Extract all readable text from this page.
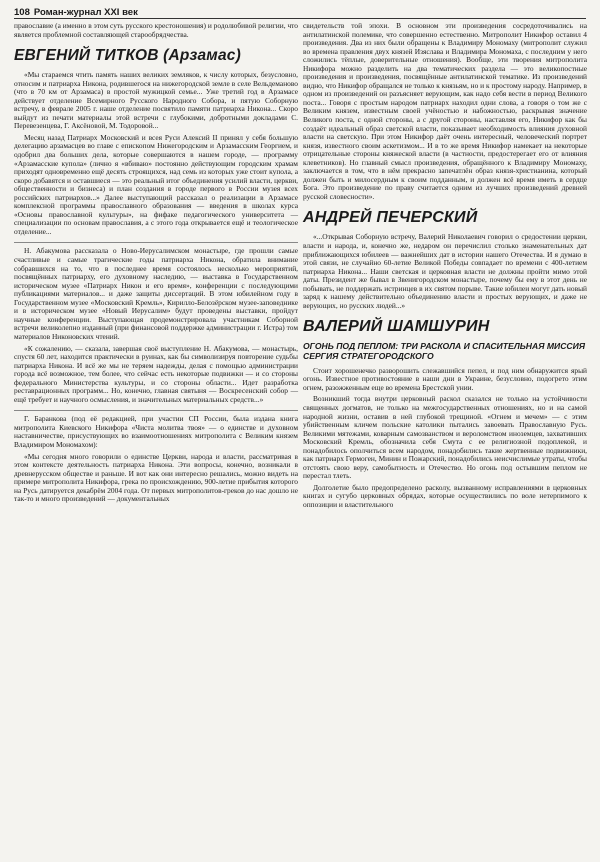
108 Роман-журнал XXI век

православие (а именно в этом суть русского крестоношения) и родолюбивой религии, что является проблемной составляющей старообрядчества.

ЕВГЕНИЙ ТИТКОВ (Арзамас)

«Мы стараемся чтить память наших великих земляков, к числу которых, безусловно, относим и патриарха Никона, родившегося на нижегородской земле в селе Вельдеманово (что в 70 км от Арзамаса) в простой мужицкой семье... Уже третий год в Арзамасе действует отделение Всемирного Русского Народного Собора, и пятую Соборную встречу, в феврале 2005 г. наше отделение посвятило памяти патриарха Никона... Скоро выйдут из печати материалы этой встречи с глубокими, добротными докладами С. Перевезенцева, Г. Аксёновой, М. Тодоровой...

Месяц назад Патриарх Московский и всея Руси Алексий II принял у себя большую делегацию арзамасцев во главе с епископом Нижегородским и Арзамасским Георгием, и одобрил два больших дела, которые совершаются в нашем городе, — программу «Арзамасские купола» (лично я «вбиваю» постоянно действующим городским храмам приходят одновременно ещё десять строящихся, над семь из которых уже стоит купола, а скоро добавятся и оставшиеся — это реальный итог объединения усилий власти, церкви, общественности и бизнеса) и план создания в городе первого в России музея всех российских патриархов...» Далее выступающий рассказал о реализации в Арзамасе комплексной программы православного образования — введения в школах курса «Основы православной культуры», на фифаке педагогического университета — специализации по основам православия, а с этого года открывается ещё и теологическое отделение...

Н. Абакумова рассказала о Ново-Иерусалимском монастыре, где прошли самые счастливые и самые трагические годы патриарха Никона, обратила внимание собравшихся на то, что в последнее время состоялось несколько мероприятий, посвящённых патриарху, его духовному наследию, — выставка в Государственном историческом музее «Патриарх Никон и его время», конференции с последующими публикациями материалов... и даже защиты диссертаций. В этом юбилейном году в Государственном музее «Московский Кремль», Кирилло-Белозёрском музее-заповеднике и в историческом музее «Новый Иерусалим» будут проведены выставки, пройдут научные конференции. Выступающая продемонстрировала участникам Соборной встречи великолепно изданный (при финансовой поддержке администрации г. Истра) том материалов Никоновских чтений.

«К сожалению, — сказала, завершая своё выступление Н. Абакумова, — монастырь, спустя 60 лет, находится практически в руинах, как бы символизируя повторение судьбы патриарха Никона. И всё же мы не теряем надежды, делая с помощью администрации города всё возможное, тем более, что сейчас есть некоторые подвижки — и со стороны федерального Министерства культуры, и со стороны области... Идет разработка реставрационных программ... Но, конечно, главная святыня — Воскресенский собор — ещё требует и научного осмысления, и значительных материальных средств...»

Г. Баранкова (под её редакцией, при участии СП России, была издана книга митрополита Киевского Никифора «Чиста молитва твоя» — о единстве и духовном наставничестве, присуствующих во взаимоотношениях митрополита с Великим князем Владимиром Мономахом):

«Мы сегодня много говорили о единстве Церкви, народа и власти, рассматривая в этом контексте деятельность патриарха Никона. Эти вопросы, конечно, возникали в древнерусском обществе и раньше. И вот как они интересно решались, можно видеть на примере митрополита Никифора, грека по происхождению, 900-летие прибытия которого на Русь датируется декабрём 2004 года. От первых митрополитов-греков до нас дошло не так-то и много произведений — документальных

свидетельств той эпохи. В основном эти произведения сосредоточивались на антилатинской полемике, что совершенно естественно. Митрополит Никифор оставил 4 произведения. Два из них были обращены к Владимиру Мономаху (митрополит служил во времена правления двух князей Изяслава и Владимира Мономаха, с последним у него сложились тёплые, доверительные отношения). Вообще, эти творения митрополита Никифора можно разделить на два тематических раздела — это великопостные произведения и произведения, посвящённые антилатинской тематике. Из произведений видно, что Никифор обращался не только к князьям, но и к простому народу. Например, в одном из произведений он разъясняет верующим, как надо себя вести в период Великого поста... Говоря с простым народом патриарх находил одни слова, а говоря о том же с Великим князем, известным своей учёностью и набожностью, раскрывая значение Великого поста, с одной стороны, а с другой стороны, наставляя его, Никифор как бы создаёт идеальный образ светской власти, показывает необходимость влияния духовной власти на светскую. При этом Никифор даёт очень интересный, человеческий портрет князя, известного своим аскетизмом... И в то же время Никифор намекает на некоторые отрицательные стороны княжеской власти (в частности, предостерегает его от влияния клеветников). Но главный смысл произведения, обращённого к Владимиру Мономаху, заключается в том, что в нём прекрасно запечатлён образ князя-христианина, который должен быть и милосердным к своим подданным, и должен всё время иметь в сердце Бога. Это произведение по праву считается одним из лучших произведений древней русской словесности».

АНДРЕЙ ПЕЧЕРСКИЙ

«...Открывая Соборную встречу, Валерий Николаевич говорил о средостении церкви, власти и народа, и, конечно же, недаром он перечислил столько знаменательных дат приближающихся юбилеев — важнейших дат в истории нашего Отечества. И я думаю в этой связи, не случайно 60-летие Великой Победы совпадает по времени с 400-летием патриарха Никона... Наши светская и церковная власти не должны пройти мимо этой даты. Президент же бывал в Звенигородском монастыре, почему бы ему в этот день не побывать, не поддержать истринцев в их святом порыве. Такие юбилеи могут дать новый заряд к нашему действительно объединению власти и простых верующих, и даже не верующих, но русских людей...»

ВАЛЕРИЙ ШАМШУРИН
ОГОНЬ ПОД ПЕПЛОМ: ТРИ РАСКОЛА И СПАСИТЕЛЬНАЯ МИССИЯ СЕРГИЯ СТРАТЕГОРОДСКОГО

Стоит хорошенечко разворошить слежавшийся пепел, и под ним обнаружится ярый огонь. Известное противостояние в наши дни в Украине, безусловно, подогрето этим огнем, разожженным еще во времена Брестской унии.

Возникший тогда внутри церковный раскол сказался не только на устойчивости священных догматов, не только на межгосударственных отношениях, но и на самой народной жизни, оставив в ней глубокой трещиной. «Огнем и мечем» — с этим убийственным кличем польские католики пытались завоевать Православную Русь. Великими мятежами, коварным самозванством и вероломством иноземцев, захвативших Московский Кремль, обозначила себя Смута с ее религиозной подоплекой, и понадобилось ополчиться всем народом, понадобились такие жертвенные подвижники, как патриарх Гермоген, Минин и Пожарский, понадобились неисчислимые утраты, чтобы отстоять свою веру, самобытность и Отечество. Но огонь под остывшим пеплом не перестал тлеть.

Долголетие было предопределено расколу, вызванному исправлениями в церковных книгах и сугубо церковных обрядах, которые осуществились по воле нетерпимого к оппозиции и властительного
